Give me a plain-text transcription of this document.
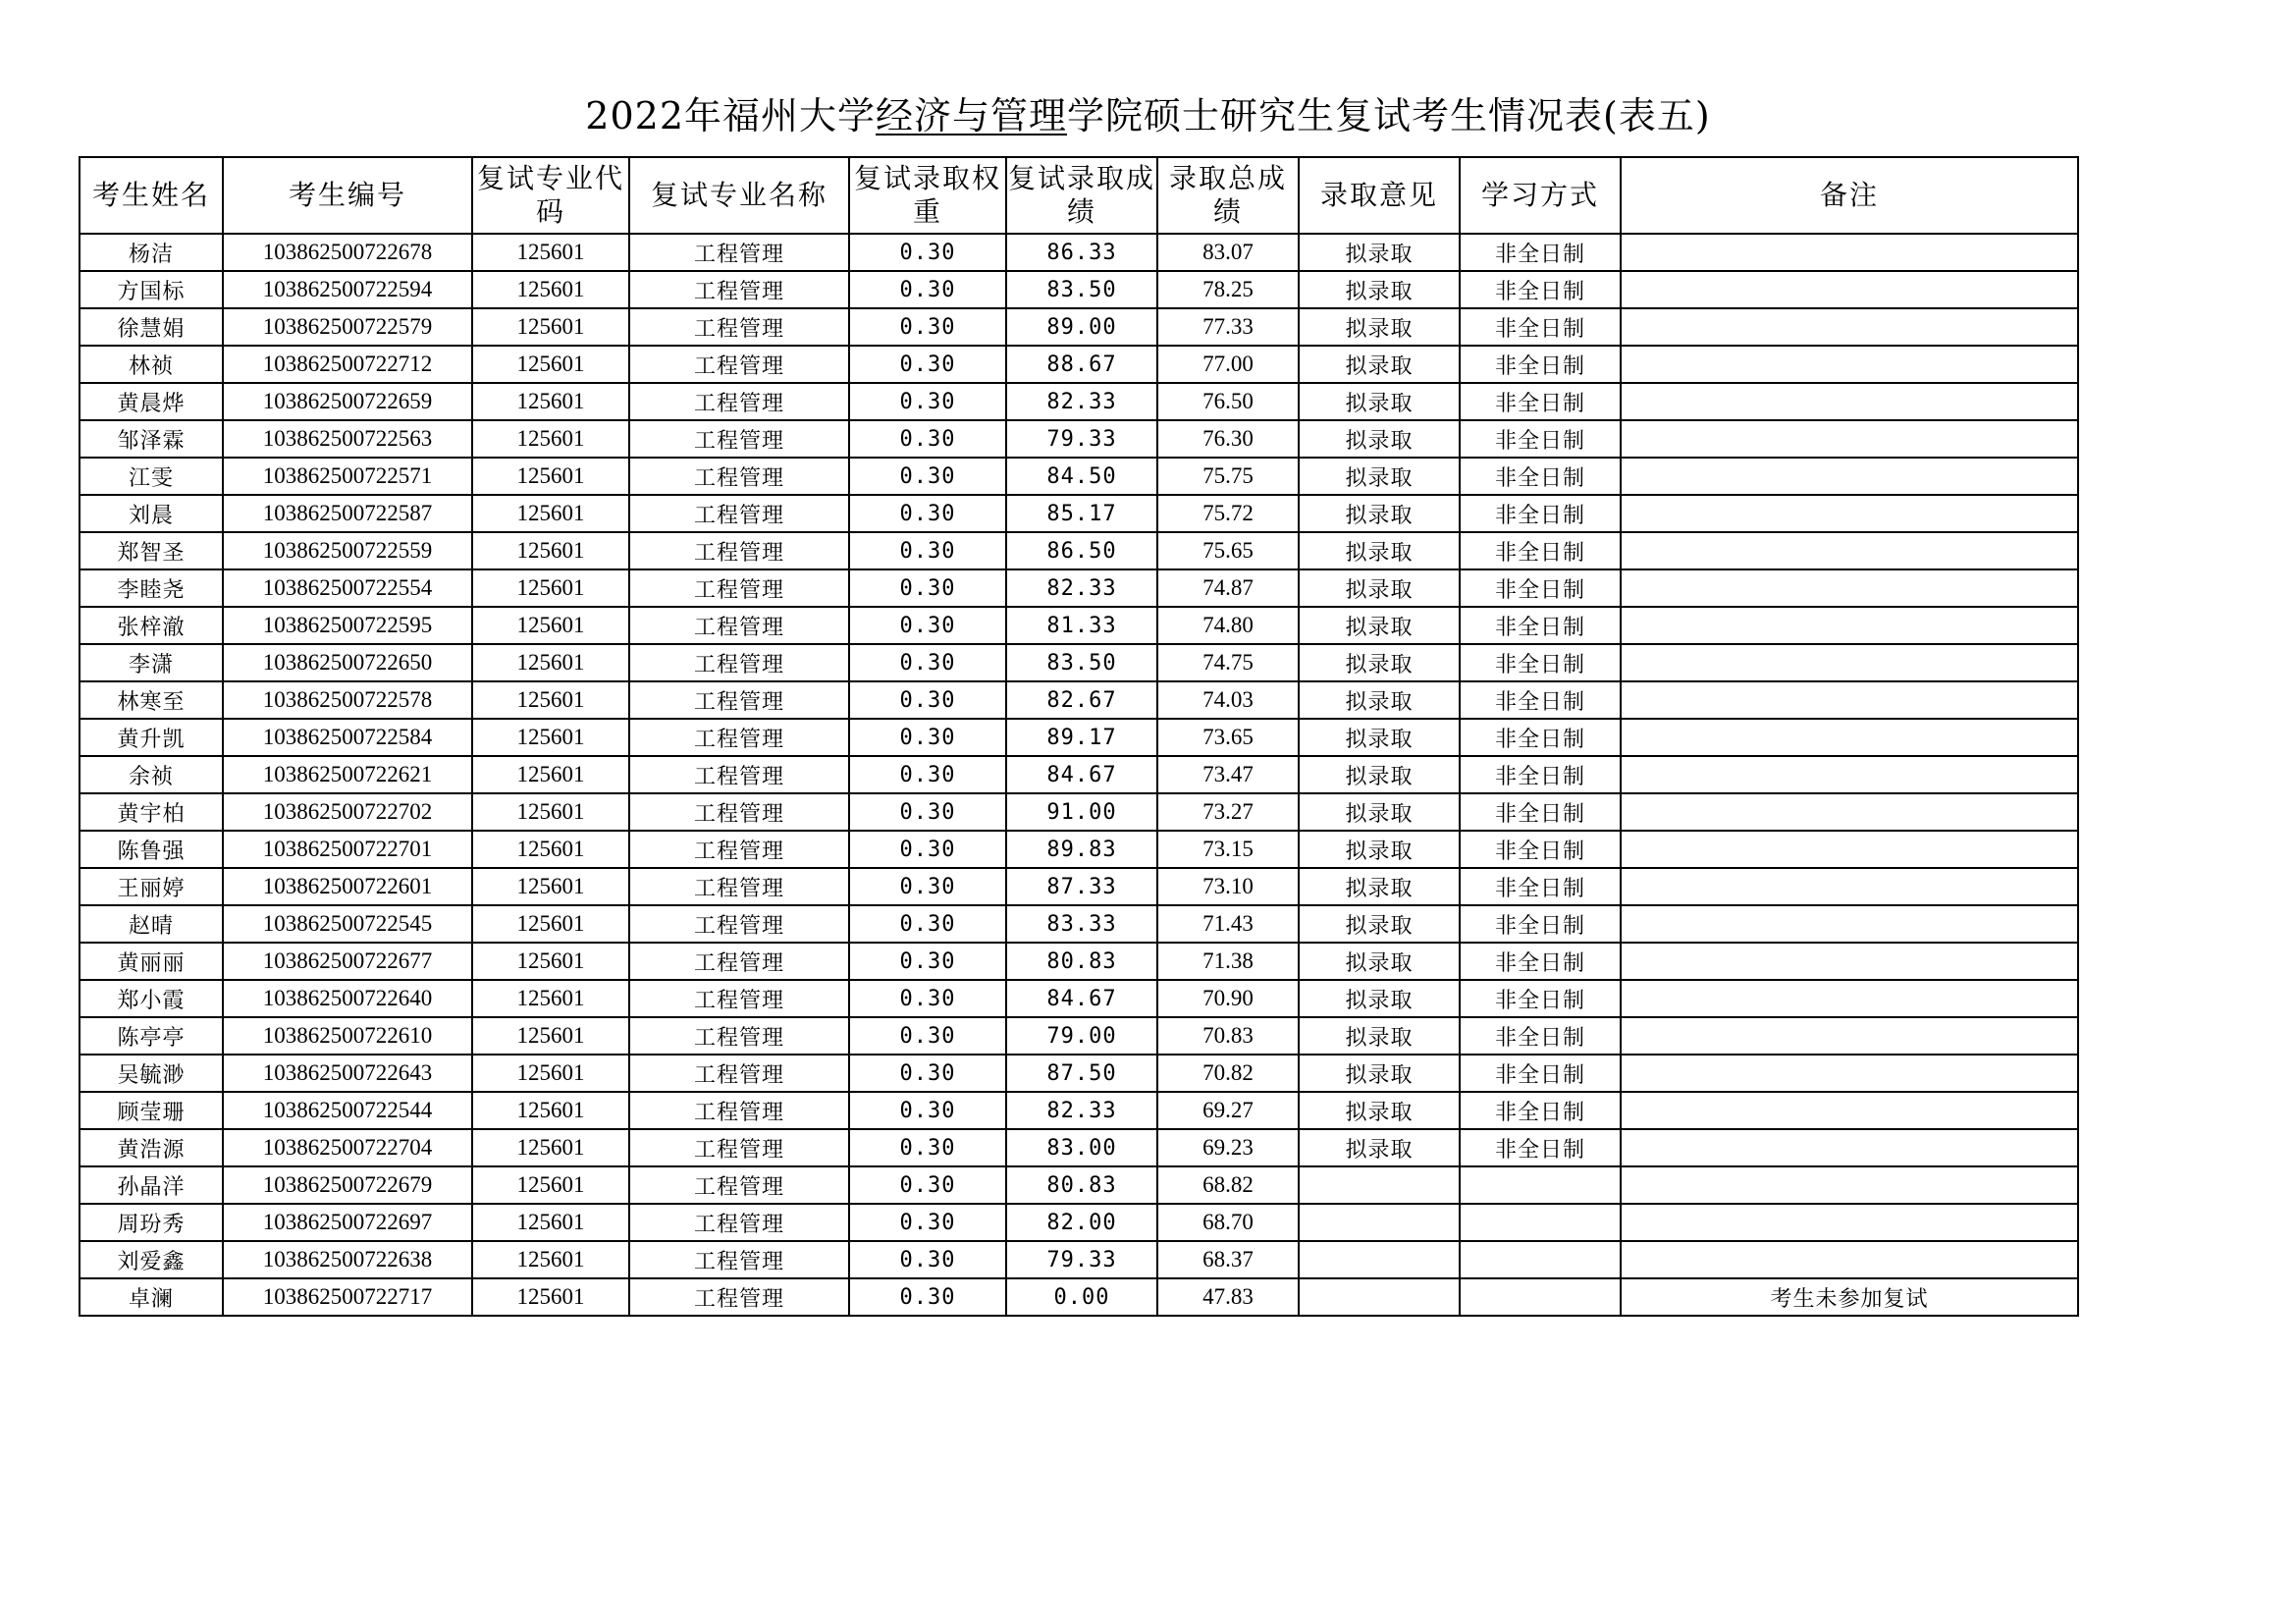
2022年福州大学经济与管理学院硕士研究生复试考生情况表(表五)
考生姓名	考生编号	复试专业代码	复试专业名称	复试录取权重	复试录取成绩	录取总成绩	录取意见	学习方式	备注
杨洁	103862500722678	125601	工程管理	0.30	86.33	83.07	拟录取	非全日制	
方国标	103862500722594	125601	工程管理	0.30	83.50	78.25	拟录取	非全日制	
徐慧娟	103862500722579	125601	工程管理	0.30	89.00	77.33	拟录取	非全日制	
林祯	103862500722712	125601	工程管理	0.30	88.67	77.00	拟录取	非全日制	
黄晨烨	103862500722659	125601	工程管理	0.30	82.33	76.50	拟录取	非全日制	
邹泽霖	103862500722563	125601	工程管理	0.30	79.33	76.30	拟录取	非全日制	
江雯	103862500722571	125601	工程管理	0.30	84.50	75.75	拟录取	非全日制	
刘晨	103862500722587	125601	工程管理	0.30	85.17	75.72	拟录取	非全日制	
郑智圣	103862500722559	125601	工程管理	0.30	86.50	75.65	拟录取	非全日制	
李睦尧	103862500722554	125601	工程管理	0.30	82.33	74.87	拟录取	非全日制	
张梓澈	103862500722595	125601	工程管理	0.30	81.33	74.80	拟录取	非全日制	
李潇	103862500722650	125601	工程管理	0.30	83.50	74.75	拟录取	非全日制	
林寒至	103862500722578	125601	工程管理	0.30	82.67	74.03	拟录取	非全日制	
黄升凯	103862500722584	125601	工程管理	0.30	89.17	73.65	拟录取	非全日制	
余祯	103862500722621	125601	工程管理	0.30	84.67	73.47	拟录取	非全日制	
黄宇柏	103862500722702	125601	工程管理	0.30	91.00	73.27	拟录取	非全日制	
陈鲁强	103862500722701	125601	工程管理	0.30	89.83	73.15	拟录取	非全日制	
王丽婷	103862500722601	125601	工程管理	0.30	87.33	73.10	拟录取	非全日制	
赵晴	103862500722545	125601	工程管理	0.30	83.33	71.43	拟录取	非全日制	
黄丽丽	103862500722677	125601	工程管理	0.30	80.83	71.38	拟录取	非全日制	
郑小霞	103862500722640	125601	工程管理	0.30	84.67	70.90	拟录取	非全日制	
陈亭亭	103862500722610	125601	工程管理	0.30	79.00	70.83	拟录取	非全日制	
吴毓渺	103862500722643	125601	工程管理	0.30	87.50	70.82	拟录取	非全日制	
顾莹珊	103862500722544	125601	工程管理	0.30	82.33	69.27	拟录取	非全日制	
黄浩源	103862500722704	125601	工程管理	0.30	83.00	69.23	拟录取	非全日制	
孙晶洋	103862500722679	125601	工程管理	0.30	80.83	68.82			
周玢秀	103862500722697	125601	工程管理	0.30	82.00	68.70			
刘爱鑫	103862500722638	125601	工程管理	0.30	79.33	68.37			
卓澜	103862500722717	125601	工程管理	0.30	0.00	47.83			考生未参加复试
